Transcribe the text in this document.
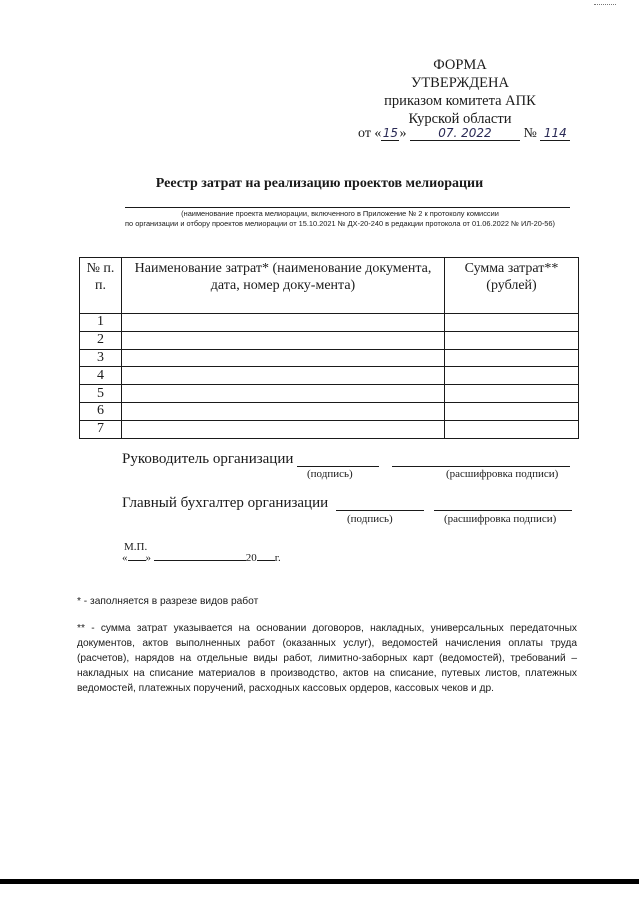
ФОРМА
УТВЕРЖДЕНА
приказом комитета АПК
Курской области
от «15»	07. 2022 № 114
Реестр затрат на реализацию проектов мелиорации
(наименование проекта мелиорации, включенного в Приложение № 2 к протоколу комиссии
по организации и отбору проектов мелиорации от 15.10.2021 № ДХ-20-240 в редакции протокола от 01.06.2022 № ИЛ-20-56)
№ п. п.	Наименование затрат* (наименование документа, дата, номер доку-мента)	Сумма затрат** (рублей)

1		
2		
3		
4		
5		
6		
7		
Руководитель организации
(подпись)	(расшифровка подписи)
Главный бухгалтер организации
(подпись)	(расшифровка подписи)
М.П.
« »	20 г.
* - заполняется в разрезе видов работ
** - сумма затрат указывается на основании договоров, накладных, универсальных передаточных документов, актов выполненных работ (оказанных услуг), ведомостей начисления оплаты труда (расчетов), нарядов на отдельные виды работ, лимитно-заборных карт (ведомостей), требований – накладных на списание материалов в производство, актов на списание, путевых листов, платежных ведомостей, платежных поручений, расходных кассовых ордеров, кассовых чеков и др.
